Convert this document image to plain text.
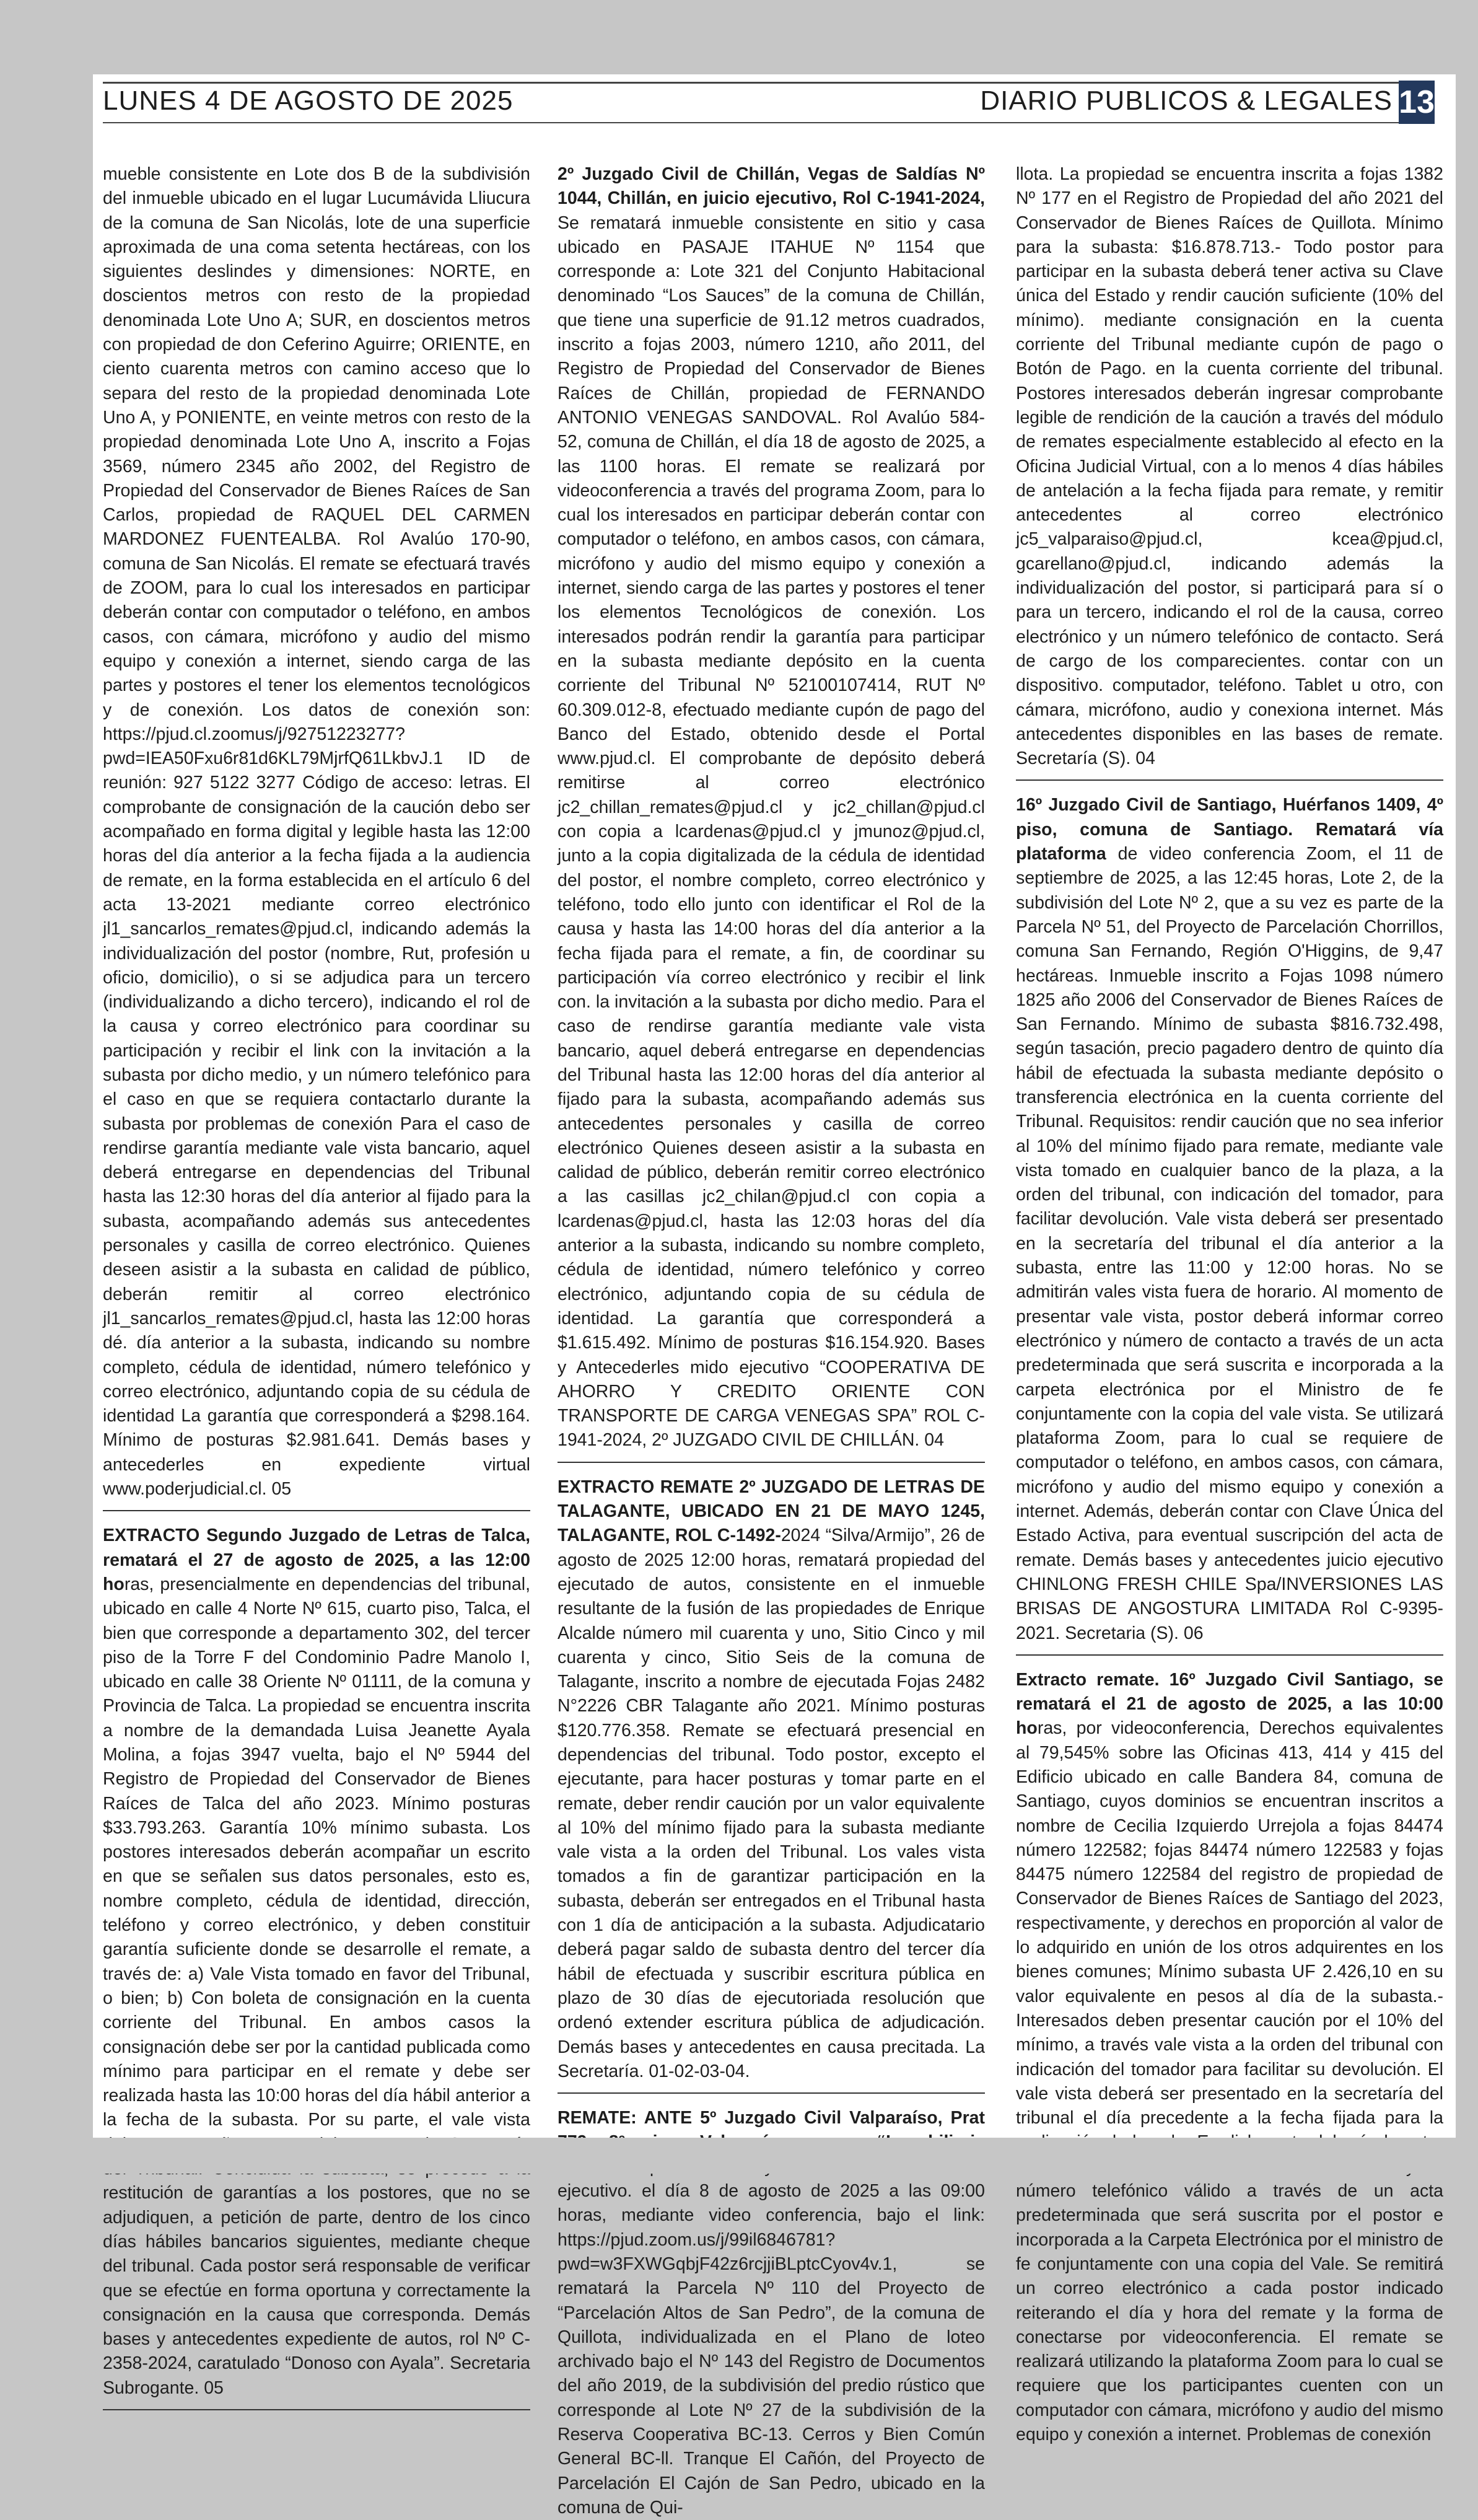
LUNES 4 DE AGOSTO DE 2025	DIARIO PUBLICOS & LEGALES 13

mueble consistente en Lote dos B de la subdivisión del inmueble ubicado en el lugar Lucumávida Lliucura de la comuna de San Nicolás, lote de una superficie aproximada de una coma setenta hectáreas, con los siguientes deslindes y dimensiones: NORTE, en doscientos metros con resto de la propiedad denominada Lote Uno A; SUR, en doscientos metros con propiedad de don Ceferino Aguirre; ORIENTE, en ciento cuarenta metros con camino acceso que lo separa del resto de la propiedad denominada Lote Uno A, y PONIENTE, en veinte metros con resto de la propiedad denominada Lote Uno A, inscrito a Fojas 3569, número 2345 año 2002, del Registro de Propiedad del Conservador de Bienes Raíces de San Carlos, propiedad de RAQUEL DEL CARMEN MARDONEZ FUENTEALBA. Rol Avalúo 170-90, comuna de San Nicolás. El remate se efectuará través de ZOOM, para lo cual los interesados en participar deberán contar con computador o teléfono, en ambos casos, con cámara, micrófono y audio del mismo equipo y conexión a internet, siendo carga de las partes y postores el tener los elementos tecnológicos y de conexión. Los datos de conexión son: https://pjud.cl.zoomus/j/92751223277?pwd=IEA50Fxu6r81d6KL79MjrfQ61LkbvJ.1 ID de reunión: 927 5122 3277 Código de acceso: letras. El comprobante de consignación de la caución debo ser acompañado en forma digital y legible hasta las 12:00 horas del día anterior a la fecha fijada a la audiencia de remate, en la forma establecida en el artículo 6 del acta 13-2021 mediante correo electrónico jl1_sancarlos_remates@pjud.cl, indicando además la individualización del postor (nombre, Rut, profesión u oficio, domicilio), o si se adjudica para un tercero (individualizando a dicho tercero), indicando el rol de la causa y correo electrónico para coordinar su participación y recibir el link con la invitación a la subasta por dicho medio, y un número telefónico para el caso en que se requiera contactarlo durante la subasta por problemas de conexión Para el caso de rendirse garantía mediante vale vista bancario, aquel deberá entregarse en dependencias del Tribunal hasta las 12:30 horas del día anterior al fijado para la subasta, acompañando además sus antecedentes personales y casilla de correo electrónico. Quienes deseen asistir a la subasta en calidad de público, deberán remitir al correo electrónico jl1_sancarlos_remates@pjud.cl, hasta las 12:00 horas dé. día anterior a la subasta, indicando su nombre completo, cédula de identidad, número telefónico y correo electrónico, adjuntando copia de su cédula de identidad La garantía que corresponderá a $298.164. Mínimo de posturas $2.981.641. Demás bases y antecederles en expediente virtual www.poderjudicial.cl. 05

EXTRACTO Segundo Juzgado de Letras de Talca, rematará el 27 de agosto de 2025, a las 12:00 horas, presencialmente en dependencias del tribunal, ubicado en calle 4 Norte Nº 615, cuarto piso, Talca, el bien que corresponde a departamento 302, del tercer piso de la Torre F del Condominio Padre Manolo I, ubicado en calle 38 Oriente Nº 01111, de la comuna y Provincia de Talca. La propiedad se encuentra inscrita a nombre de la demandada Luisa Jeanette Ayala Molina, a fojas 3947 vuelta, bajo el Nº 5944 del Registro de Propiedad del Conservador de Bienes Raíces de Talca del año 2023. Mínimo posturas $33.793.263. Garantía 10% mínimo subasta. Los postores interesados deberán acompañar un escrito en que se señalen sus datos personales, esto es, nombre completo, cédula de identidad, dirección, teléfono y correo electrónico, y deben constituir garantía suficiente donde se desarrolle el remate, a través de: a) Vale Vista tomado en favor del Tribunal, o bien; b) Con boleta de consignación en la cuenta corriente del Tribunal. En ambos casos la consignación debe ser por la cantidad publicada como mínimo para participar en el remate y debe ser realizada hasta las 10:00 horas del día hábil anterior a la fecha de la subasta. Por su parte, el vale vista restitución de garantías a los postores, que no se adjudiquen, a petición de parte, dentro de los cinco días hábiles bancarios siguientes, mediante cheque del tribunal. Cada postor será responsable de verificar que se efectúe en forma oportuna y correctamente la consignación en la causa que corresponda. Demás bases y antecedentes expediente de autos, rol Nº C-2358-2024, caratulado “Donoso con Ayala”. Secretaria Subrogante. 05

2º Juzgado Civil de Chillán, Vegas de Saldías Nº 1044, Chillán, en juicio ejecutivo, Rol C-1941-2024, Se rematará inmueble consistente en sitio y casa ubicado en PASAJE ITAHUE Nº 1154 que corresponde a: Lote 321 del Conjunto Habitacional denominado “Los Sauces” de la comuna de Chillán, que tiene una superficie de 91.12 metros cuadrados, inscrito a fojas 2003, número 1210, año 2011, del Registro de Propiedad del Conservador de Bienes Raíces de Chillán, propiedad de FERNANDO ANTONIO VENEGAS SANDOVAL. Rol Avalúo 584-52, comuna de Chillán, el día 18 de agosto de 2025, a las 1100 horas. El remate se realizará por videoconferencia a través del programa Zoom, para lo cual los interesados en participar deberán contar con computador o teléfono, en ambos casos, con cámara, micrófono y audio del mismo equipo y conexión a internet, siendo carga de las partes y postores el tener los elementos Tecnológicos de conexión. Los interesados podrán rendir la garantía para participar en la subasta mediante depósito en la cuenta corriente del Tribunal Nº 52100107414, RUT Nº 60.309.012-8, efectuado mediante cupón de pago del Banco del Estado, obtenido desde el Portal www.pjud.cl. El comprobante de depósito deberá remitirse al correo electrónico jc2_chillan_remates@pjud.cl y jc2_chillan@pjud.cl con copia a lcardenas@pjud.cl y jmunoz@pjud.cl, junto a la copia digitalizada de la cédula de identidad del postor, el nombre completo, correo electrónico y teléfono, todo ello junto con identificar el Rol de la causa y hasta las 14:00 horas del día anterior a la fecha fijada para el remate, a fin, de coordinar su participación vía correo electrónico y recibir el link con. la invitación a la subasta por dicho medio. Para el caso de rendirse garantía mediante vale vista bancario, aquel deberá entregarse en dependencias del Tribunal hasta las 12:00 horas del día anterior al fijado para la subasta, acompañando además sus antecedentes personales y casilla de correo electrónico Quienes deseen asistir a la subasta en calidad de público, deberán remitir correo electrónico a las casillas jc2_chilan@pjud.cl con copia a lcardenas@pjud.cl, hasta las 12:03 horas del día anterior a la subasta, indicando su nombre completo, cédula de identidad, número telefónico y correo electrónico, adjuntando copia de su cédula de identidad. La garantía que corresponderá a $1.615.492. Mínimo de posturas $16.154.920. Bases y Antecederles mido ejecutivo “COOPERATIVA DE AHORRO Y CREDITO ORIENTE CON TRANSPORTE DE CARGA VENEGAS SPA” ROL C-1941-2024, 2º JUZGADO CIVIL DE CHILLÁN. 04

EXTRACTO REMATE 2º JUZGADO DE LETRAS DE TALAGANTE, UBICADO EN 21 DE MAYO 1245, TALAGANTE, ROL C-1492-2024 “Silva/Armijo”, 26 de agosto de 2025 12:00 horas, rematará propiedad del ejecutado de autos, consistente en el inmueble resultante de la fusión de las propiedades de Enrique Alcalde número mil cuarenta y uno, Sitio Cinco y mil cuarenta y cinco, Sitio Seis de la comuna de Talagante, inscrito a nombre de ejecutada Fojas 2482 N°2226 CBR Talagante año 2021. Mínimo posturas $120.776.358. Remate se efectuará presencial en dependencias del tribunal. Todo postor, excepto el ejecutante, para hacer posturas y tomar parte en el remate, deber rendir caución por un valor equivalente al 10% del mínimo fijado para la subasta mediante vale vista a la orden del Tribunal. Los vales vista tomados a fin de garantizar participación en la subasta, deberán ser entregados en el Tribunal hasta con 1 día de anticipación a la subasta. Adjudicatario deberá pagar saldo de subasta dentro del tercer día hábil de efectuada y suscribir escritura pública en plazo de 30 días de ejecutoriada resolución que ordenó extender escritura pública de adjudicación. Demás bases y antecedentes en causa precitada. La Secretaría. 01-02-03-04.

REMATE: ANTE 5º Juzgado Civil Valparaíso, Prat ejecutivo. el día 8 de agosto de 2025 a las 09:00 horas, mediante video conferencia, bajo el link: https://pjud.zoom.us/j/99il6846781?pwd=w3FXWGqbjF42z6rcjjiBLptcCyov4v.1, se rematará la Parcela Nº 110 del Proyecto de “Parcelación Altos de San Pedro”, de la comuna de Quillota, individualizada en el Plano de loteo archivado bajo el Nº 143 del Registro de Documentos del año 2019, de la subdivisión del predio rústico que corresponde al Lote Nº 27 de la subdivisión de la Reserva Cooperativa BC-13. Cerros y Bien Común General BC-ll. Tranque El Cañón, del Proyecto de Parcelación El Cajón de San Pedro, ubicado en la comuna de Qui-

llota. La propiedad se encuentra inscrita a fojas 1382 Nº 177 en el Registro de Propiedad del año 2021 del Conservador de Bienes Raíces de Quillota. Mínimo para la subasta: $16.878.713.- Todo postor para participar en la subasta deberá tener activa su Clave única del Estado y rendir caución suficiente (10% del mínimo). mediante consignación en la cuenta corriente del Tribunal mediante cupón de pago o Botón de Pago. en la cuenta corriente del tribunal. Postores interesados deberán ingresar comprobante legible de rendición de la caución a través del módulo de remates especialmente establecido al efecto en la Oficina Judicial Virtual, con a lo menos 4 días hábiles de antelación a la fecha fijada para remate, y remitir antecedentes al correo electrónico jc5_valparaiso@pjud.cl, kcea@pjud.cl, gcarellano@pjud.cl, indicando además la individualización del postor, si participará para sí o para un tercero, indicando el rol de la causa, correo electrónico y un número telefónico de contacto. Será de cargo de los comparecientes. contar con un dispositivo. computador, teléfono. Tablet u otro, con cámara, micrófono, audio y conexiona internet. Más antecedentes disponibles en las bases de remate. Secretaría (S). 04

16º Juzgado Civil de Santiago, Huérfanos 1409, 4º piso, comuna de Santiago. Rematará vía plataforma de video conferencia Zoom, el 11 de septiembre de 2025, a las 12:45 horas, Lote 2, de la subdivisión del Lote Nº 2, que a su vez es parte de la Parcela Nº 51, del Proyecto de Parcelación Chorrillos, comuna San Fernando, Región O'Higgins, de 9,47 hectáreas. Inmueble inscrito a Fojas 1098 número 1825 año 2006 del Conservador de Bienes Raíces de San Fernando. Mínimo de subasta $816.732.498, según tasación, precio pagadero dentro de quinto día hábil de efectuada la subasta mediante depósito o transferencia electrónica en la cuenta corriente del Tribunal. Requisitos: rendir caución que no sea inferior al 10% del mínimo fijado para remate, mediante vale vista tomado en cualquier banco de la plaza, a la orden del tribunal, con indicación del tomador, para facilitar devolución. Vale vista deberá ser presentado en la secretaría del tribunal el día anterior a la subasta, entre las 11:00 y 12:00 horas. No se admitirán vales vista fuera de horario. Al momento de presentar vale vista, postor deberá informar correo electrónico y número de contacto a través de un acta predeterminada que será suscrita e incorporada a la carpeta electrónica por el Ministro de fe conjuntamente con la copia del vale vista. Se utilizará plataforma Zoom, para lo cual se requiere de computador o teléfono, en ambos casos, con cámara, micrófono y audio del mismo equipo y conexión a internet. Además, deberán contar con Clave Única del Estado Activa, para eventual suscripción del acta de remate. Demás bases y antecedentes juicio ejecutivo CHINLONG FRESH CHILE Spa/INVERSIONES LAS BRISAS DE ANGOSTURA LIMITADA Rol C-9395-2021. Secretaria (S). 06

Extracto remate. 16º Juzgado Civil Santiago, se rematará el 21 de agosto de 2025, a las 10:00 horas, por videoconferencia, Derechos equivalentes al 79,545% sobre las Oficinas 413, 414 y 415 del Edificio ubicado en calle Bandera 84, comuna de Santiago, cuyos dominios se encuentran inscritos a nombre de Cecilia Izquierdo Urrejola a fojas 84474 número 122582; fojas 84474 número 122583 y fojas 84475 número 122584 del registro de propiedad de Conservador de Bienes Raíces de Santiago del 2023, respectivamente, y derechos en proporción al valor de lo adquirido en unión de los otros adquirentes en los bienes comunes; Mínimo subasta UF 2.426,10 en su valor equivalente en pesos al día de la subasta.- Interesados deben presentar caución por el 10% del mínimo, a través vale vista a la orden del tribunal con indicación del tomador para facilitar su devolución. El vale vista deberá ser presentado en la secretaría del tribunal el día precedente a la fecha fijada para la número telefónico válido a través de un acta predeterminada que será suscrita por el postor e incorporada a la Carpeta Electrónica por el ministro de fe conjuntamente con una copia del Vale. Se remitirá un correo electrónico a cada postor indicado reiterando el día y hora del remate y la forma de conectarse por videoconferencia. El remate se realizará utilizando la plataforma Zoom para lo cual se requiere que los participantes cuenten con un computador con cámara, micrófono y audio del mismo equipo y conexión a internet. Problemas de conexión
